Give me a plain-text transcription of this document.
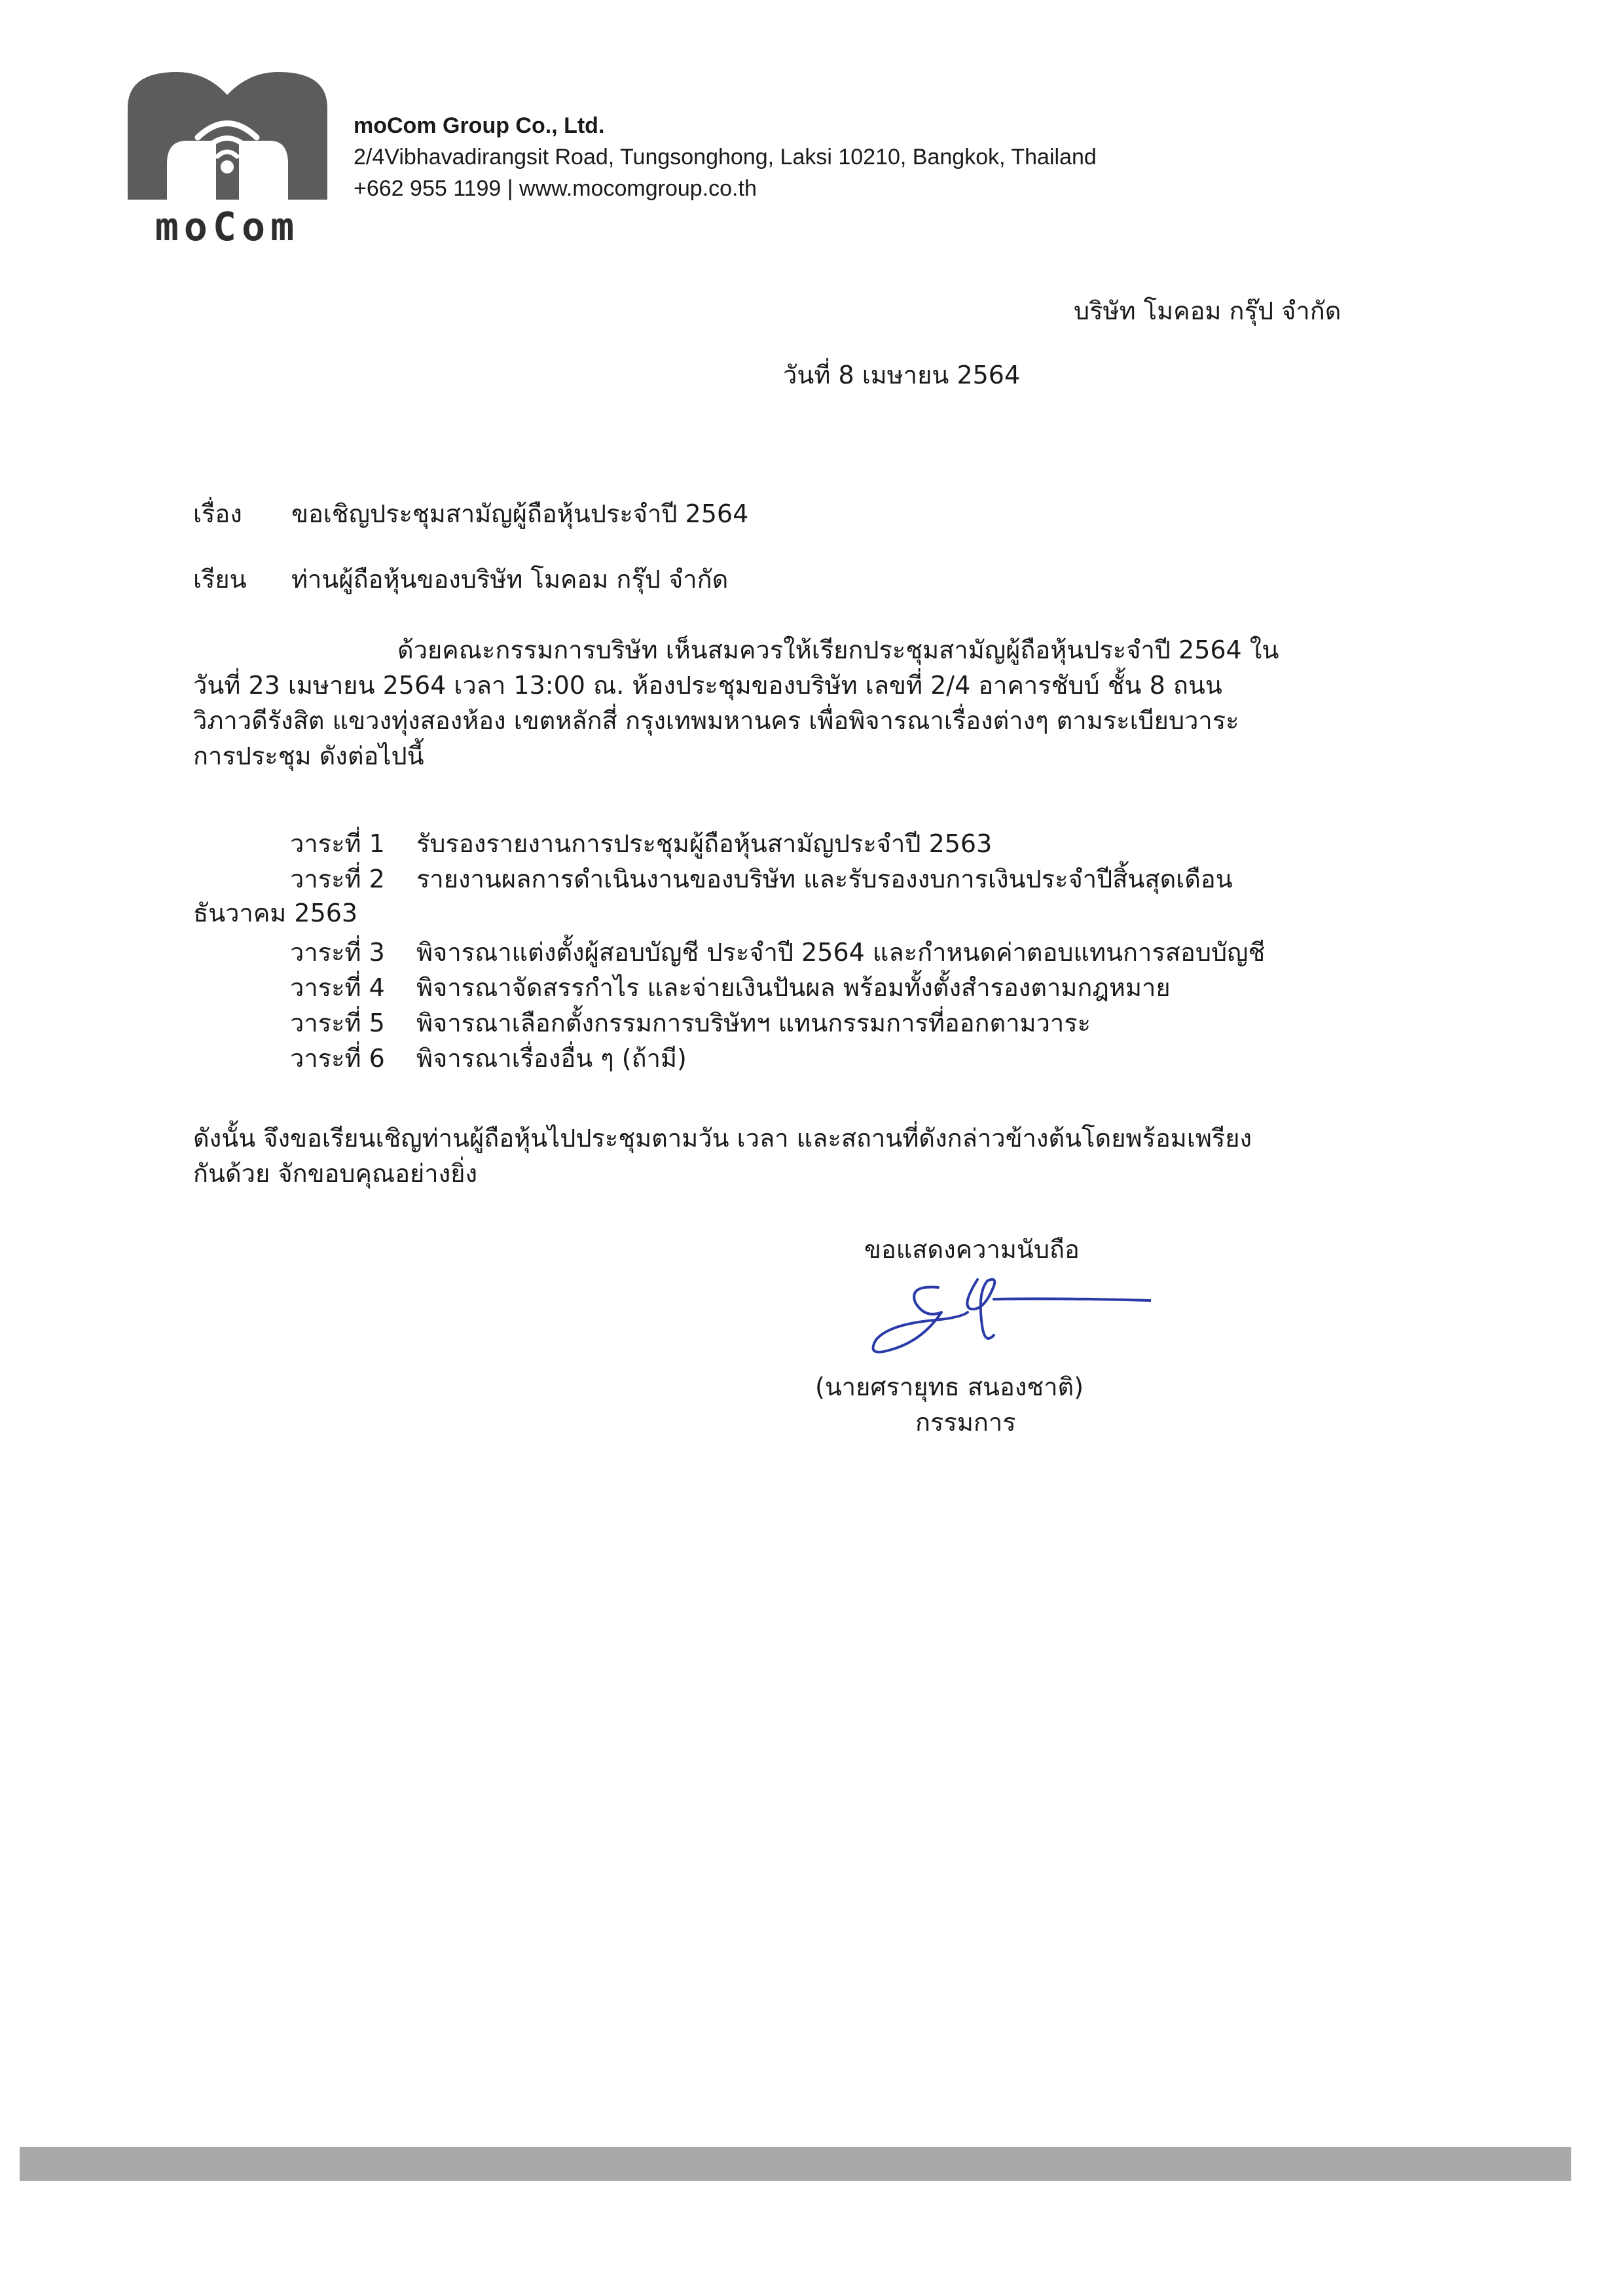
moCom
moCom Group Co., Ltd.
2/4Vibhavadirangsit Road, Tungsonghong, Laksi 10210, Bangkok, Thailand
+662 955 1199 | www.mocomgroup.co.th
บริษัท โมคอม กรุ๊ป จำกัด
วันที่ 8 เมษายน 2564
เรื่อง ขอเชิญประชุมสามัญผู้ถือหุ้นประจำปี 2564
เรียน ท่านผู้ถือหุ้นของบริษัท โมคอม กรุ๊ป จำกัด
ด้วยคณะกรรมการบริษัท เห็นสมควรให้เรียกประชุมสามัญผู้ถือหุ้นประจำปี 2564 ใน
วันที่ 23 เมษายน 2564 เวลา 13:00 ณ. ห้องประชุมของบริษัท เลขที่ 2/4 อาคารชับบ์ ชั้น 8 ถนน
วิภาวดีรังสิต แขวงทุ่งสองห้อง เขตหลักสี่ กรุงเทพมหานคร เพื่อพิจารณาเรื่องต่างๆ ตามระเบียบวาระ
การประชุม ดังต่อไปนี้
วาระที่ 1 รับรองรายงานการประชุมผู้ถือหุ้นสามัญประจำปี 2563
วาระที่ 2 รายงานผลการดำเนินงานของบริษัท และรับรองงบการเงินประจำปีสิ้นสุดเดือน
ธันวาคม 2563
วาระที่ 3 พิจารณาแต่งตั้งผู้สอบบัญชี ประจำปี 2564 และกำหนดค่าตอบแทนการสอบบัญชี
วาระที่ 4 พิจารณาจัดสรรกำไร และจ่ายเงินปันผล พร้อมทั้งตั้งสำรองตามกฎหมาย
วาระที่ 5 พิจารณาเลือกตั้งกรรมการบริษัทฯ แทนกรรมการที่ออกตามวาระ
วาระที่ 6 พิจารณาเรื่องอื่น ๆ (ถ้ามี)
ดังนั้น จึงขอเรียนเชิญท่านผู้ถือหุ้นไปประชุมตามวัน เวลา และสถานที่ดังกล่าวข้างต้นโดยพร้อมเพรียง
กันด้วย จักขอบคุณอย่างยิ่ง
ขอแสดงความนับถือ
(นายศรายุทธ สนองชาติ)
กรรมการ
